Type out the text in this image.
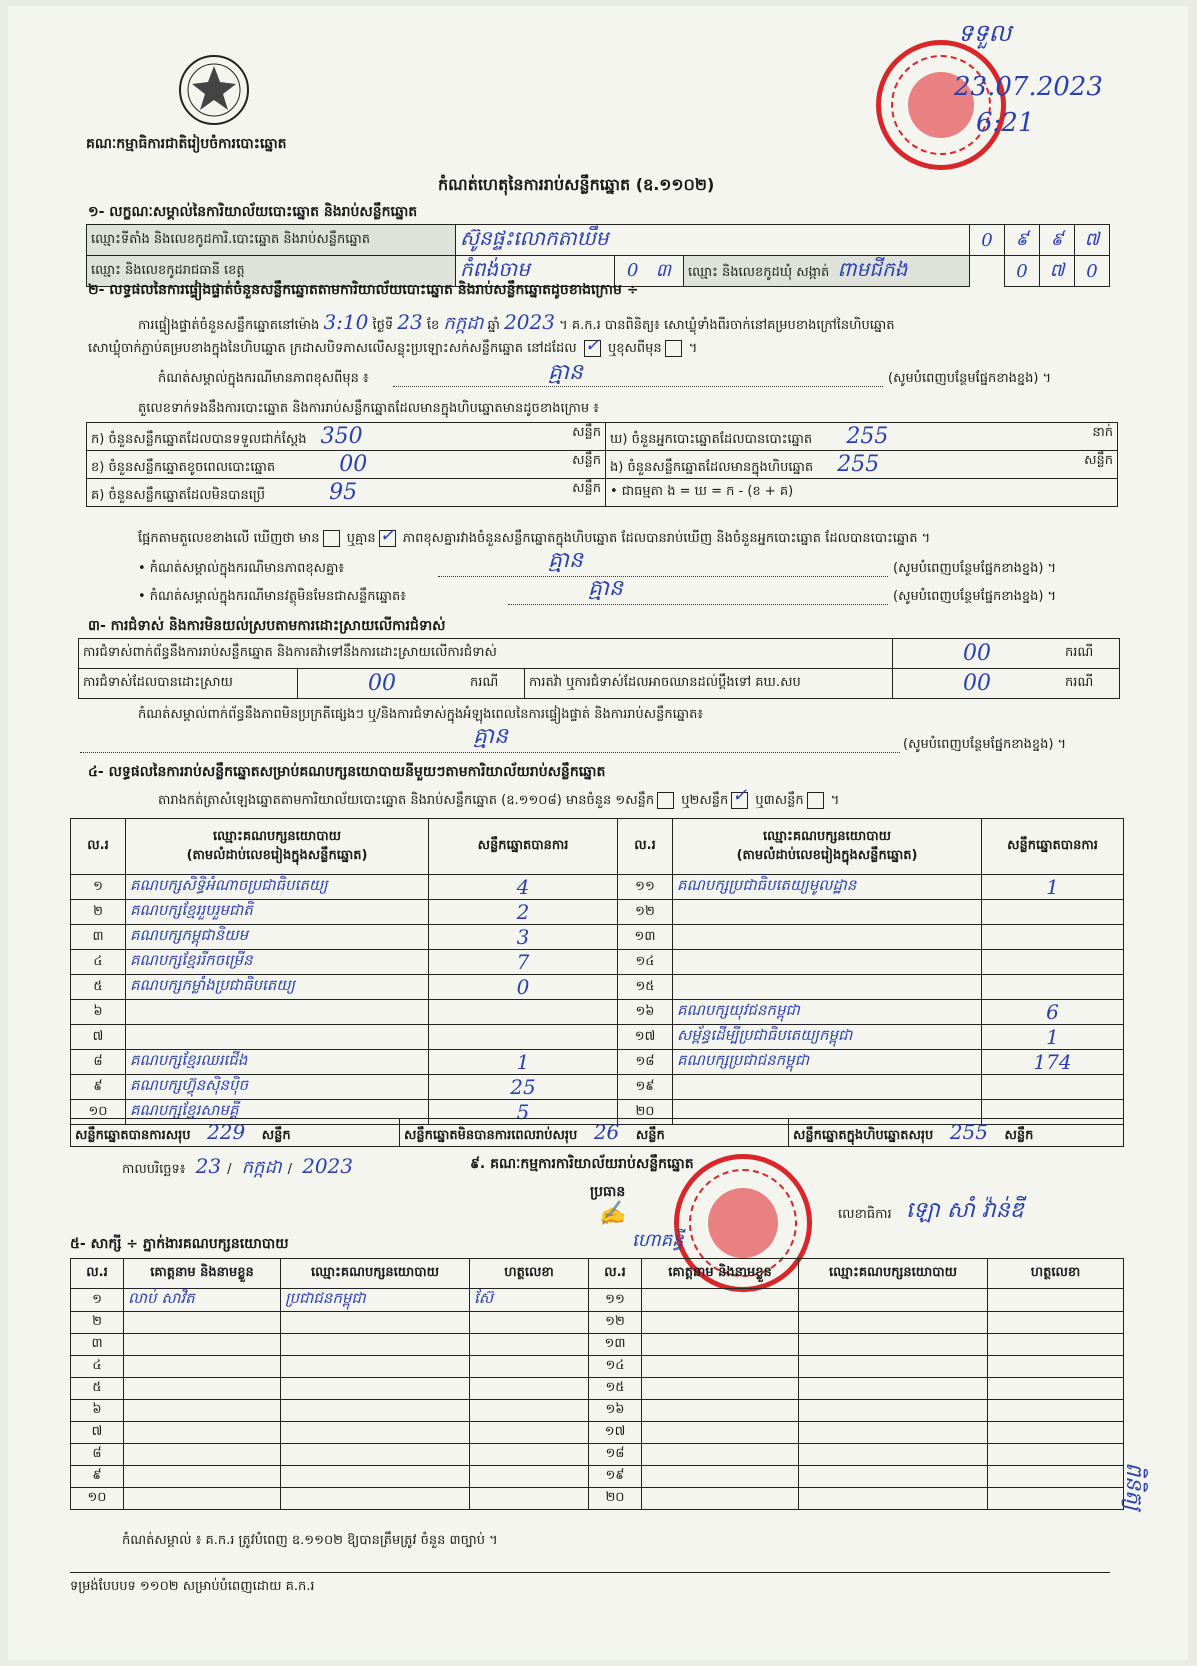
គណៈកម្មាធិការជាតិរៀបចំការបោះឆ្នោត
ទទួល
23.07.2023
6:21
កំណត់ហេតុនៃការរាប់សន្លឹកឆ្នោត (ឧ.១១០២)
១- លក្ខណៈសម្គាល់នៃការិយាល័យបោះឆ្នោត និងរាប់សន្លឹកឆ្នោត
ឈ្មោះទីតាំង និងលេខកូដការិ.បោះឆ្នោត និងរាប់សន្លឹកឆ្នោត	ស៊ូនផ្ទះលោកតាឃឹម			0	៩	៩	៧
ឈ្មោះ និងលេខកូដរាជធានី ខេត្ត	កំពង់ចាម	0 ៣	ឈ្មោះ និងលេខកូដឃុំ សង្កាត់ ពាមជីកង		0	៧	0
២- លទ្ធផលនៃការផ្ទៀងផ្ទាត់ចំនួនសន្លឹកឆ្នោតតាមការិយាល័យបោះឆ្នោត និងរាប់សន្លឹកឆ្នោតដូចខាងក្រោម ÷
ការផ្ទៀងផ្ទាត់ចំនួនសន្លឹកឆ្នោតនៅម៉ោង 3:10 ថ្ងៃទី 23 ខែ កក្កដា ឆ្នាំ 2023 ។ គ.ក.រ បានពិនិត្យ៖ សោឃ្លុំទាំងពីរចាក់នៅគម្របខាងក្រៅនៃហិបឆ្នោត
សោឃ្លុំចាក់ភ្ជាប់គម្របខាងក្នុងនៃហិបឆ្នោត ក្រដាសបិទភាសលើសន្លុះប្រឡោះសក់សន្លឹកឆ្នោត នៅដដែល ✓ ឬខុសពីមុន ។
កំណត់សម្គាល់ក្នុងករណីមានភាពខុសពីមុន ៖	គ្មាន	(សូមបំពេញបន្ថែមផ្នែកខាងខ្នង) ។
តួលេខទាក់ទងនឹងការបោះឆ្នោត និងការរាប់សន្លឹកឆ្នោតដែលមានក្នុងហិបឆ្នោតមានដូចខាងក្រោម ៖
ក) ចំនួនសន្លឹកឆ្នោតដែលបានទទួលជាក់ស្តែង 350 សន្លឹក	ឃ) ចំនួនអ្នកបោះឆ្នោតដែលបានបោះឆ្នោត 255 នាក់

ខ) ចំនួនសន្លឹកឆ្នោតខូចពេលបោះឆ្នោត 00 សន្លឹក	ង) ចំនួនសន្លឹកឆ្នោតដែលមានក្នុងហិបឆ្នោត 255 សន្លឹក

គ) ចំនួនសន្លឹកឆ្នោតដែលមិនបានប្រើ 95 សន្លឹក	• ជាធម្មតា ង = ឃ = ក - (ខ + គ)
ផ្អែកតាមតួលេខខាងលើ ឃើញថា មាន ឬគ្មាន ✓ ភាពខុសគ្នារវាងចំនួនសន្លឹកឆ្នោតក្នុងហិបឆ្នោត ដែលបានរាប់ឃើញ និងចំនួនអ្នកបោះឆ្នោត ដែលបានបោះឆ្នោត ។
• កំណត់សម្គាល់ក្នុងករណីមានភាពខុសគ្នា៖	គ្មាន	(សូមបំពេញបន្ថែមផ្នែកខាងខ្នង) ។
• កំណត់សម្គាល់ក្នុងករណីមានវត្ថុមិនមែនជាសន្លឹកឆ្នោត៖	គ្មាន	(សូមបំពេញបន្ថែមផ្នែកខាងខ្នង) ។
៣- ការជំទាស់ និងការមិនយល់ស្របតាមការដោះស្រាយលើការជំទាស់
ការជំទាស់ពាក់ព័ន្ធនឹងការរាប់សន្លឹកឆ្នោត និងការតវ៉ាទៅនឹងការដោះស្រាយលើការជំទាស់				00	ករណី
ការជំទាស់ដែលបានដោះស្រាយ	00	ករណី	ការតវ៉ា ឬការជំទាស់ដែលអាចឈានដល់ប្ដឹងទៅ គឃ.សប	00	ករណី
កំណត់សម្គាល់ពាក់ព័ន្ធនឹងភាពមិនប្រក្រតីផ្សេងៗ ឬ/និងការជំទាស់ក្នុងអំឡុងពេលនៃការផ្ទៀងផ្ទាត់ និងការរាប់សន្លឹកឆ្នោត៖
គ្មាន	(សូមបំពេញបន្ថែមផ្នែកខាងខ្នង) ។
៤- លទ្ធផលនៃការរាប់សន្លឹកឆ្នោតសម្រាប់គណបក្សនយោបាយនីមួយៗតាមការិយាល័យរាប់សន្លឹកឆ្នោត
តារាងកត់ត្រាសំឡេងឆ្នោតតាមការិយាល័យបោះឆ្នោត និងរាប់សន្លឹកឆ្នោត (ឧ.១១០៨) មានចំនួន ១សន្លឹក ឬ២សន្លឹក ✓ ឬ៣សន្លឹក ។
ល.រ	ឈ្មោះគណបក្សនយោបាយ
(តាមលំដាប់លេខរៀងក្នុងសន្លឹកឆ្នោត)	សន្លឹកឆ្នោតបានការ	ល.រ	ឈ្មោះគណបក្សនយោបាយ
(តាមលំដាប់លេខរៀងក្នុងសន្លឹកឆ្នោត)	សន្លឹកឆ្នោតបានការ
១	គណបក្សសិទ្ធិអំណាចប្រជាធិបតេយ្យ	4	១១	គណបក្សប្រជាធិបតេយ្យមូលដ្ឋាន	1
២	គណបក្សខ្មែររួបរួមជាតិ	2	១២		
៣	គណបក្សកម្ពុជានិយម	3	១៣		
៤	គណបក្សខ្មែររីកចម្រើន	7	១៤		
៥	គណបក្សកម្លាំងប្រជាធិបតេយ្យ	0	១៥		
៦			១៦	គណបក្សយុវជនកម្ពុជា	6
៧			១៧	សម្ព័ន្ធដើម្បីប្រជាធិបតេយ្យកម្ពុជា	1
៨	គណបក្សខ្មែរឈរជើង	1	១៨	គណបក្សប្រជាជនកម្ពុជា	174
៩	គណបក្សហ៊្វុនស៊ិនប៉ិច	25	១៩		
១០	គណបក្សខ្មែរសាមគ្គី	5	២០		
សន្លឹកឆ្នោតបានការសរុប 229 សន្លឹក	សន្លឹកឆ្នោតមិនបានការពេលរាប់សរុប 26 សន្លឹក	សន្លឹកឆ្នោតក្នុងហិបឆ្នោតសរុប 255 សន្លឹក
កាលបរិច្ឆេទ៖ 23 / កក្កដា / 2023	៩. គណៈកម្មការការិយាល័យរាប់សន្លឹកឆ្នោត
ប្រធាន
✍
ហោគន្ធី
លេខាធិការ ឡោ សាំ វ៉ាន់ឌី
៥- សាក្សី ÷ ភ្នាក់ងារគណបក្សនយោបាយ
ល.រ	គោត្តនាម និងនាមខ្លួន	ឈ្មោះគណបក្សនយោបាយ	ហត្ថលេខា	ល.រ	គោត្តនាម និងនាមខ្លួន	ឈ្មោះគណបក្សនយោបាយ	ហត្ថលេខា
១	លាប់ សាវិត	ប្រជាជនកម្ពុជា	ស៊ែ	១១			
២				១២			
៣				១៣			
៤				១៤			
៥				១៥			
៦				១៦			
៧				១៧			
៨				១៨			
៩				១៩			
១០				២០			
កំណត់សម្គាល់ ៖ គ.ក.រ ត្រូវបំពេញ ឧ.១១០២ ឱ្យបានត្រឹមត្រូវ ចំនួន ៣ច្បាប់ ។
ទម្រង់បែបបទ ១១០២ សម្រាប់បំពេញដោយ គ.ក.រ
ពិនិត្យ
